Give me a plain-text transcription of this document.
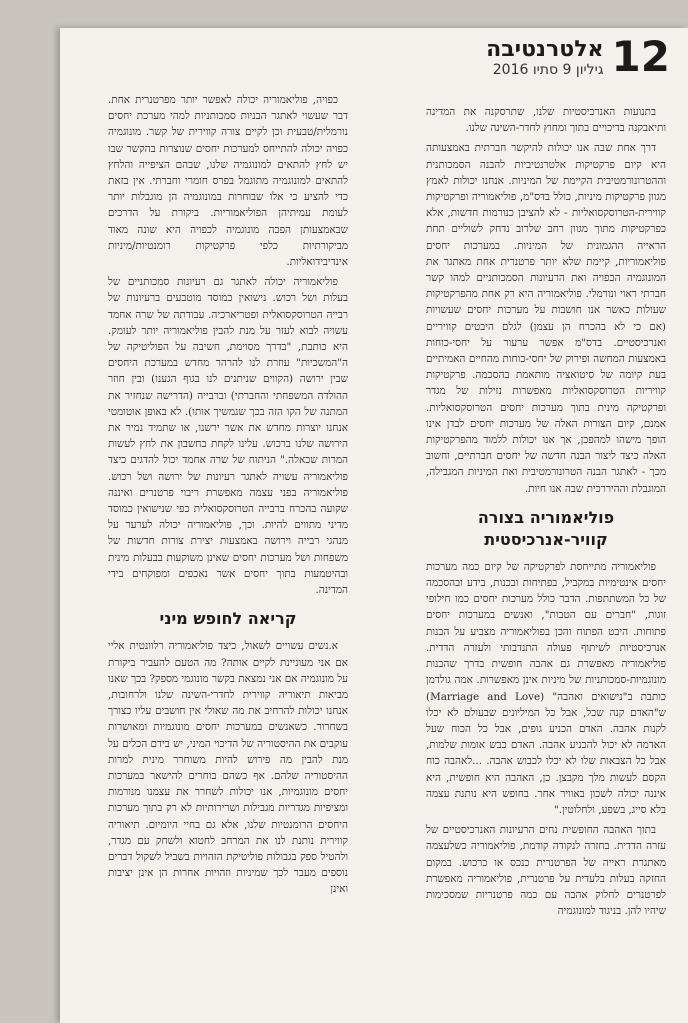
12
אלטרנטיבה
גיליון 9 סתיו 2016

בתנועות האנרכיסטיות שלנו, שתרסקנה את המדינה ותיאבקנה בדיכויים בתוך ומחוץ לחדר-השינה שלנו.

דרך אחת שבה אנו יכולות להיקשר חברתית באמצעותה היא קיום פרקטיקות אלטרנטיביות להבנה הסמכותנית וההטרונורמטיבית הקיימת של המיניות. אנחנו יכולות לאמץ מגוון פרקטיקות מיניות, כולל בדס"מ, פוליאמוריה ופרקטיקות קווירית-הטרוסקסואליות - לא להציבן כנורמות חדשות, אלא כפרקטיקות מתוך מגוון רחב שלרוב נדחק לשוליים תחת הראייה ההגמונית של המיניות. במערכות יחסים פוליאמוריות, קיימת שלא יותר פרטנרית אחת מאתגר את המונוגמיה הכפויה ואת הרעיונות הסמכותניים למהו קשר חברתי ראוי ונורמלי. פוליאמוריה היא רק אחת מהפרקטיקות שעולות כאשר אנו חושבות על מערכות יחסים שעשויות (אם כי לא בהכרח הן עצמן) לגלם היבטים קוויריים ואנרכיסטיים. בדס"מ אפשר ערעור על יחסי-כוחות באמצעות המחשה ופירוק של יחסי-כוחות מהחיים האמיתיים בעת קיומה של סיטואציה מותאמת בהסכמה. פרקטיקות קוויריות הטרוסקסואליות מאפשרות נזילות של מגדר ופרקטיקה מינית בתוך מערכות יחסים הטרוסקסואליות. אמנם, קיום הצורות האלה של מערכות יחסים לבדן אינו הופך מישהו למהפכן, אך אנו יכולות ללמוד מהפרקטיקות האלה כיצד ליצור הבנה חדשה של יחסים חברתיים, וחשוב מכך - לאתגר הבנה הטרונורמטיבית ואת המיניות המגבילה, המוגבלת וההיררכית שבה אנו חיות.

פוליאמוריה בצורה קוויר-אנרכיסטית

פוליאמוריה מתייחסת לפרקטיקה של קיום כמה מערכות יחסים אינטימיות במקביל, בפתיחות ובכנות, בידע ובהסכמה של כל המשתתפות. הדבר כולל מערכות יחסים כמו חילופי זוגות, "חברים עם הטבות", ואנשים במערכות יחסים פתוחות. היבט הפתוח והכן בפוליאמוריה מצביע על הבנות אנרכיסטיות לשיתוף פעולה התנדבותי ולעזרה הדדית. פוליאמוריה מאפשרת גם אהבה חופשית בדרך שהבנות מונוגמיות-סמכותניות של מיניות אינן מאפשרות. אמה גולדמן כותבת ב"נישואים ואהבה" (Marriage and Love) ש"האדם קנה שכל, אבל כל המיליונים שבעולם לא יכלו לקנות אהבה. האדם הכניע גופים, אבל כל הכוח שעל האדמה לא יכול להכניע אהבה. האדם כבש אומות שלמות, אבל כל הצבאות שלו לא יכלו לכבוש אהבה. ...לאהבה כוח הקסם לעשות מלך מקבצן. כן, האהבה היא חופשית, היא איננה יכולה לשכון באוויר אחר. בחופש היא נותנת עצמה בלא סייג, בשפע, ולחלוטין."

בתוך האהבה החופשית נחים הרעיונות האנרכיסטיים של עזרה הדדית. בחזרה לנקודה קודמת, פוליאמוריה כשלעצמה מאתגרת ראייה של הפרטנרית כנכס או כרכוש. במקום החזקה בעלות בלעדית על פרטנרית, פוליאמוריה מאפשרת לפרטנרים לחלוק אהבה עם כמה פרטנריות שמסכימות שיהיו להן. בניגוד למונוגמיה

כפויה, פוליאמוריה יכולה לאפשר יותר מפרטנרית אחת. דבר שעשוי לאתגר הבניות סמכותניות למהי מערכת יחסים נורמלית/טבעית וכן לקיים צורה קווירית של קשר. מונוגמיה כפויה יכולה להתייחס למערכות יחסים שנוצרות בהקשר שבו יש לחץ להתאים למונוגמיה שלנו, שבהם הציפייה והלחץ להתאים למונוגמיה מתוגמל בפרס חומרי וחברתי. אין בזאת כדי להציע כי אלו שבוחרות במונוגמיה הן מוגבלות יותר לעומת עמיתיהן הפוליאמוריות. ביקורת על הדרכים שבאמצעותן הפכה מונוגמיה לכפויה היא שונה מאוד מביקורתיות כלפי פרקטיקות רומנטיות/מיניות אינדיבידואליות.

פוליאמוריה יכולה לאתגר גם רעיונות סמכותניים של בעלות ושל רכוש. נישואין כמוסד מוטבעים ברעיונות של רבייה הטרוסקסואלית ופטריארכיה. עבודתה של שרה אחמד עשויה לבוא לעזר על מנת להבין פוליאמוריה יותר לעומק. היא כותבת, "בדרך מסוימת, חשיבה על הפוליטיקה של ה"המשכיות" עוזרת לנו להרהר מחדש במערכת היחסים שבין ירושה (הקווים שניתנים לנו בגוף הגענו) ובין חוזר ההולדה המשפחתי והחברתי) וברבייה (הדרישה שנחזיר את המתנה של הקו הזה בכך שנמשיך אותו). לא באופן אוטומטי אנחנו יוצרות מחדש את אשר ירשנו, או שתמיד נמיר את הירושה שלנו ברכוש. עלינו לקחת בחשבון את לחץ לעשות המרות שכאלה." הניתוח של שרה אחמד יכול להדגים כיצד פוליאמוריה עשויה לאתגר רעיונות של ירושה ושל רכוש. פוליאמוריה בפני עצמה מאפשרת ריבוי פרטנרים ואיננה שקועה בהכרח ברבייה הטרוסקסואלית כפי שנישואין כמוסד מדיני מתווים להיות. וכך, פוליאמוריה יכולה לערער על מנהגי רבייה וירושה באמצעות יצירת צורות חדשות של משפחות ושל מערכות יחסים שאינן משוקעות בבעלות מינית ובהיטמעות בתוך יחסים אשר נאכפים ומפוקחים בידי המדינה.

קריאה לחופש מיני

א.נשים עשויים לשאול, כיצד פוליאמוריה רלוונטית אליי אם אני מעוניינת לקיים אותה? מה הטעם להעביר ביקורת על מונוגמיה אם אני נמצאת בקשר מונוגמי מספק? בכך שאנו מביאות תיאוריה קווירית לחדרי-השינה שלנו ולרחובות, אנחנו יכולות להרחיב את מה שאולי אין חושבים עליו כצורך בשחרור. כשאנשים במערכות יחסים מונוגמיות ומאושרות עוקבים את ההיסטוריה של הדיכוי המיני, יש בידם הכלים על מנת להבין מה פירוש להיות משוחרר מינית למרות ההיסטוריה שלהם. אף כשהם בוחרים להישאר במערכות יחסים מונוגמיות, אנו יכולות לשחרר את עצמנו מנורמות ומציפיות מגדריות מגבילות ושרירותיות לא רק בתוך מערכות היחסים הרומנטיות שלנו, אלא גם בחיי היומיום. תיאוריה קווירית נותנת לנו את המרחב לחטוא ולשחק עם מגדר, ולהטיל ספק בגבולות פוליטיקת הזהויות בשביל לשקול דברים נוספים מעבר לכך שמיניות וזהויות אחרות הן אינן יציבות ואינן
